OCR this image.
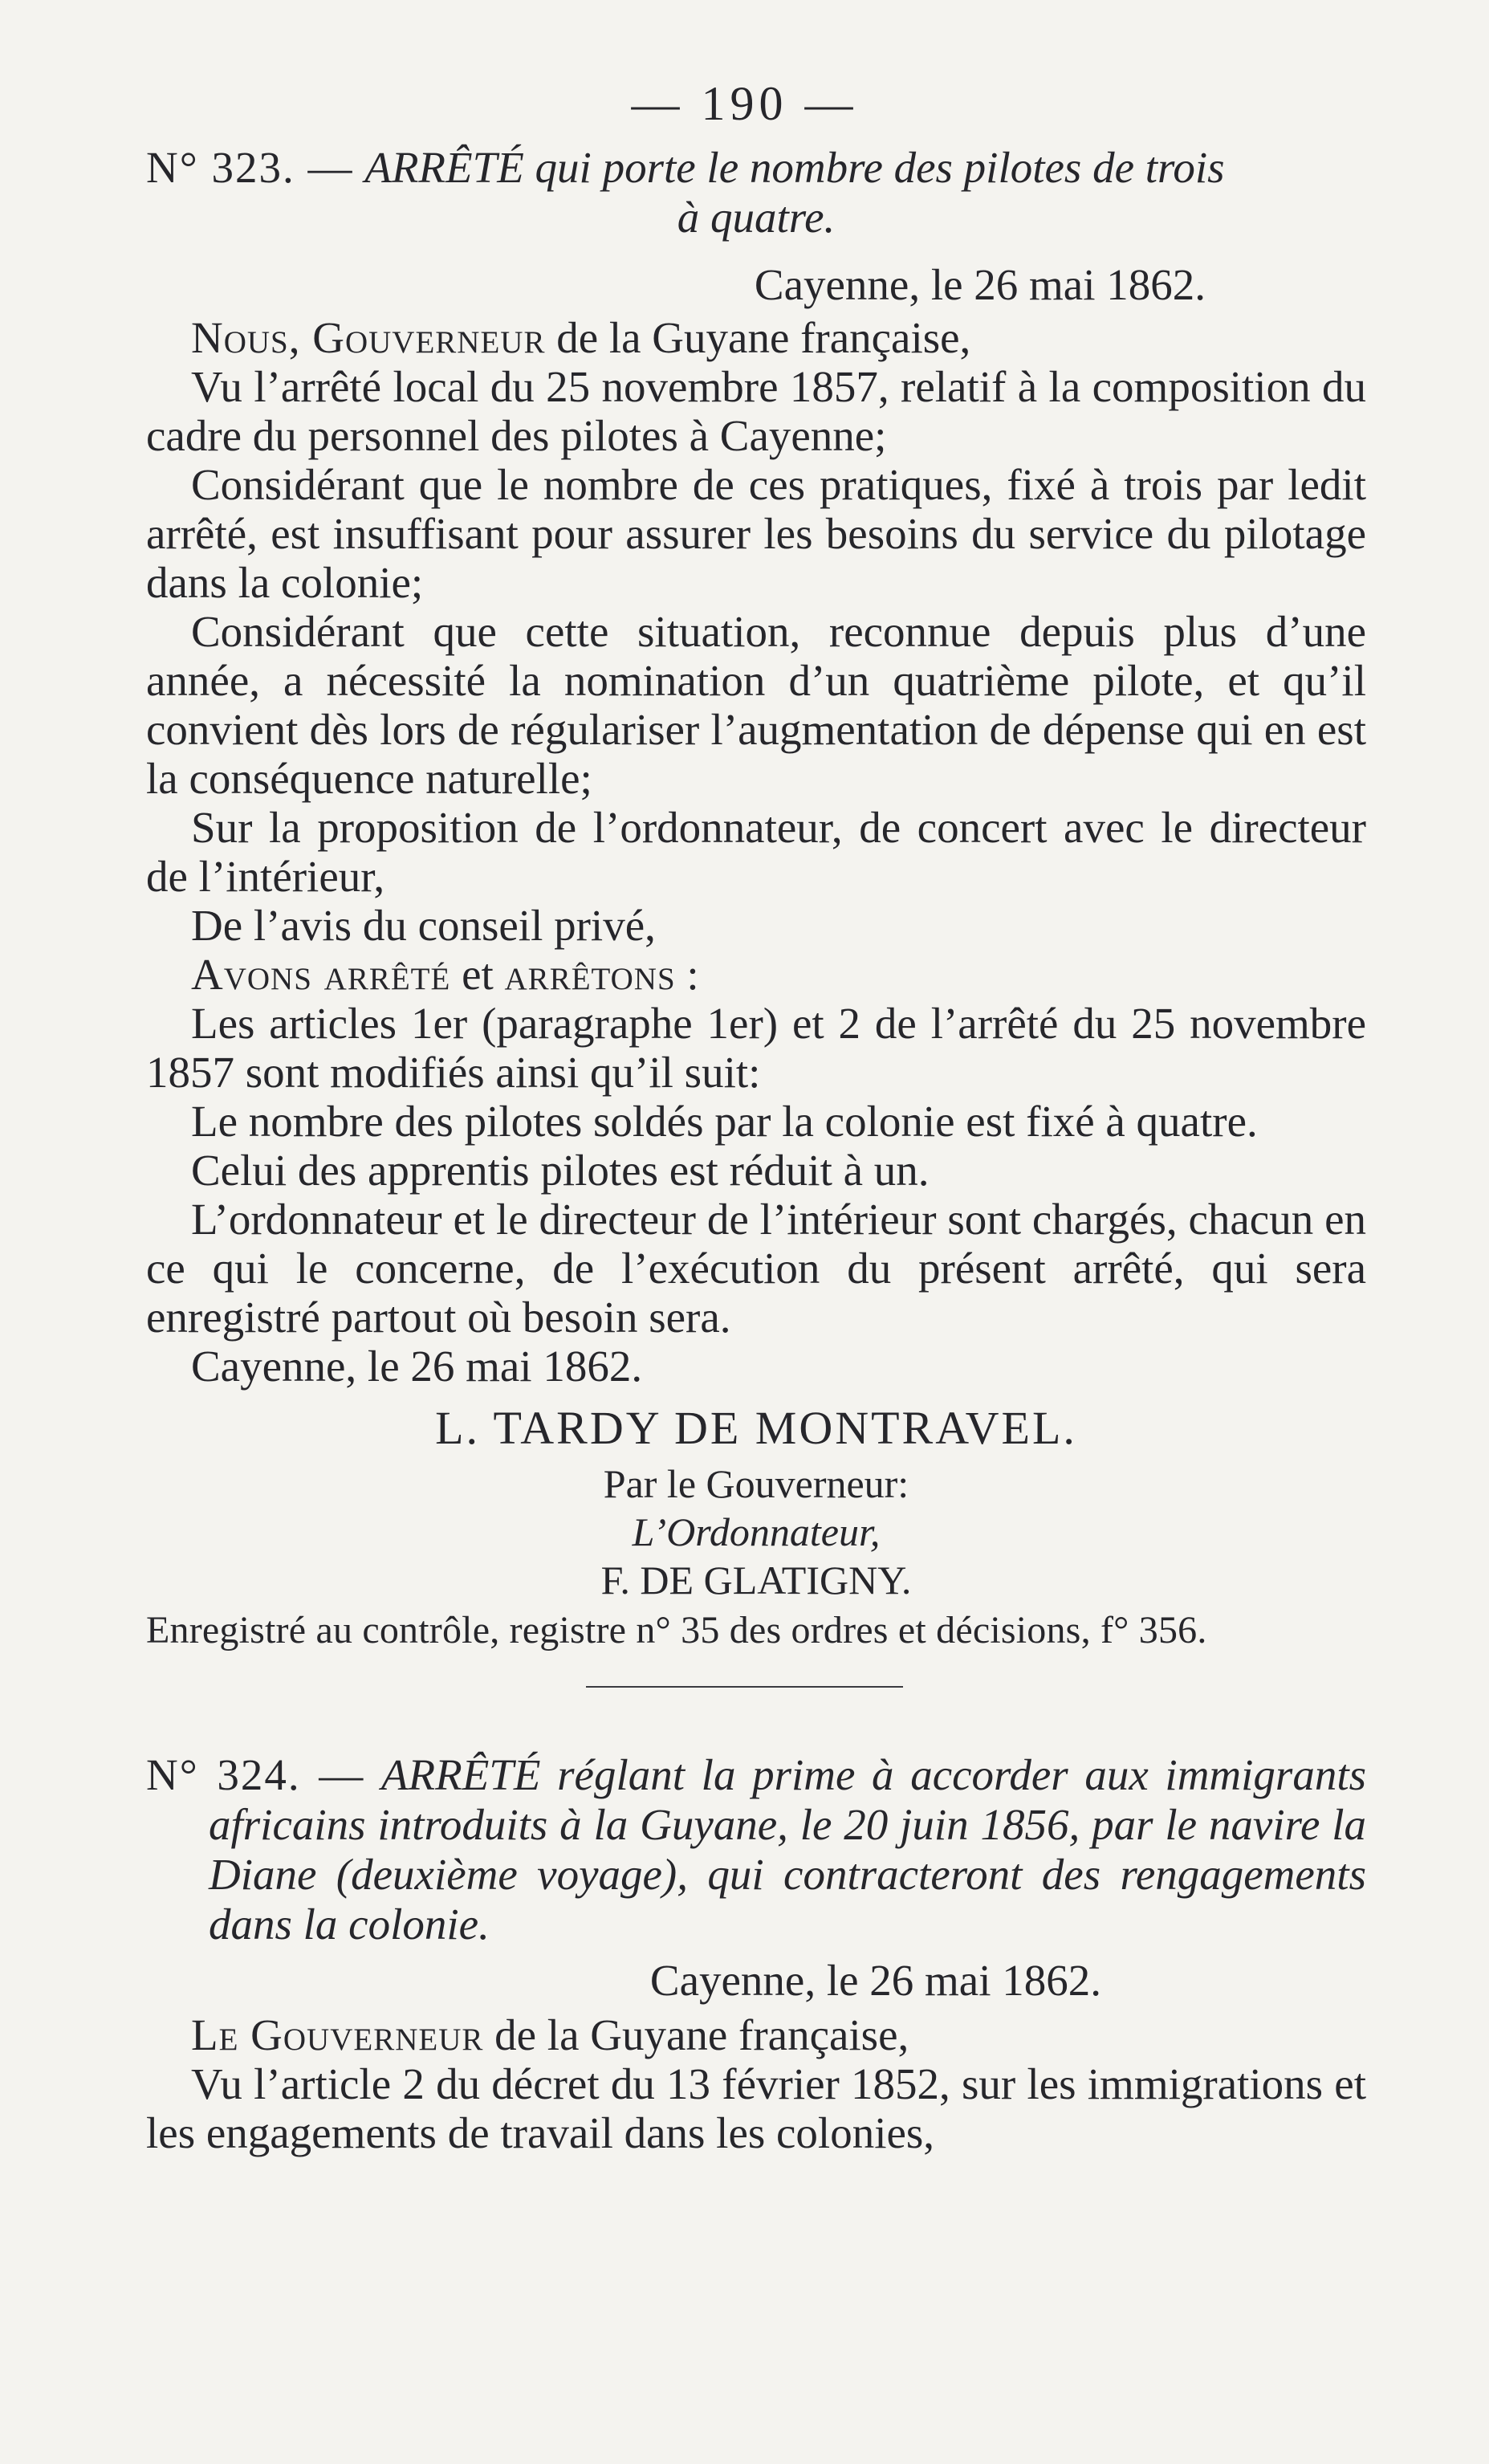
— 190 —
N° 323. — ARRÊTÉ qui porte le nombre des pilotes de trois
à quatre.
Cayenne, le 26 mai 1862.

Nous, Gouverneur de la Guyane française,

Vu l’arrêté local du 25 novembre 1857, relatif à la composition du cadre du personnel des pilotes à Cayenne;

Considérant que le nombre de ces pratiques, fixé à trois par ledit arrêté, est insuffisant pour assurer les besoins du service du pilotage dans la colonie;

Considérant que cette situation, reconnue depuis plus d’une année, a nécessité la nomination d’un quatrième pilote, et qu’il convient dès lors de régulariser l’augmentation de dépense qui en est la conséquence naturelle;

Sur la proposition de l’ordonnateur, de concert avec le directeur de l’intérieur,

De l’avis du conseil privé,

Avons arrêté et arrêtons :

Les articles 1er (paragraphe 1er) et 2 de l’arrêté du 25 novembre 1857 sont modifiés ainsi qu’il suit:

Le nombre des pilotes soldés par la colonie est fixé à quatre.

Celui des apprentis pilotes est réduit à un.

L’ordonnateur et le directeur de l’intérieur sont chargés, chacun en ce qui le concerne, de l’exécution du présent arrêté, qui sera enregistré partout où besoin sera.

Cayenne, le 26 mai 1862.

L. TARDY DE MONTRAVEL.
Par le Gouverneur:
L’Ordonnateur,
F. DE GLATIGNY.
Enregistré au contrôle, registre n° 35 des ordres et décisions, f° 356.
N° 324. — ARRÊTÉ réglant la prime à accorder aux immigrants africains introduits à la Guyane, le 20 juin 1856, par le navire la Diane (deuxième voyage), qui contracteront des rengagements dans la colonie.
Cayenne, le 26 mai 1862.

Le Gouverneur de la Guyane française,

Vu l’article 2 du décret du 13 février 1852, sur les immigrations et les engagements de travail dans les colonies,
